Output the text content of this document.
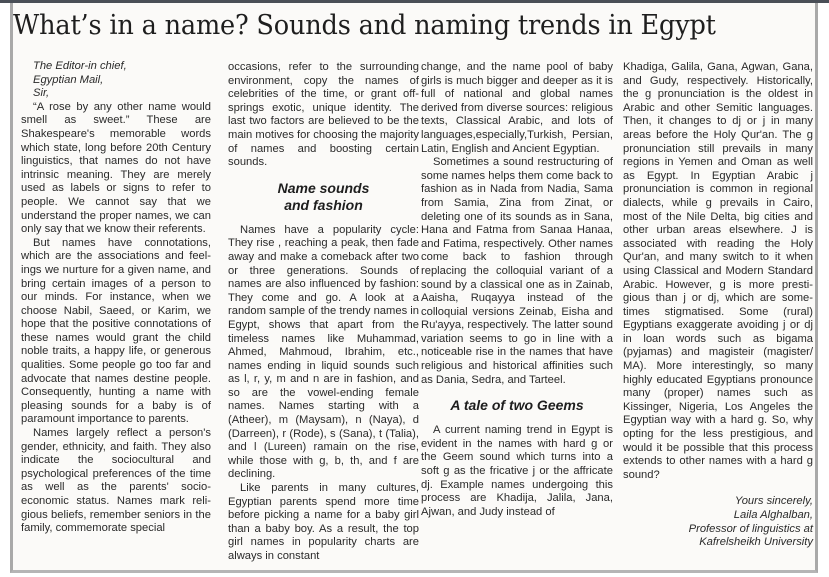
What’s in a name? Sounds and naming trends in Egypt
The Editor-in chief,
Egyptian Mail,
Sir,

“A rose by any other name would smell as sweet.” These are Shakespeare's memorable words which state, long before 20th Century linguistics, that names do not have intrinsic meaning. They are merely used as labels or signs to refer to people. We cannot say that we understand the proper names, we can only say that we know their referents.

But names have connotations, which are the associations and feelings we nurture for a given name, and bring certain images of a person to our minds. For instance, when we choose Nabil, Saeed, or Karim, we hope that the positive connotations of these names would grant the child noble traits, a happy life, or generous qualities. Some people go too far and advocate that names destine people. Consequently, hunting a name with pleasing sounds for a baby is of paramount importance to parents.

Names largely reflect a person's gender, ethnicity, and faith. They also indicate the sociocultural and psychological preferences of the time as well as the parents' socio-economic status. Names mark religious beliefs, remember seniors in the family, commemorate special

occasions, refer to the surrounding environment, copy the names of celebrities of the time, or grant offsprings exotic, unique identity. The last two factors are believed to be the main motives for choosing the majority of names and boosting certain sounds.

Name sounds
and fashion

Names have a popularity cycle: They rise , reaching a peak, then fade away and make a comeback after two or three generations. Sounds of names are also influenced by fashion: They come and go. A look at a random sample of the trendy names in Egypt, shows that apart from the timeless names like Muhammad, Ahmed, Mahmoud, Ibrahim, etc., names ending in liquid sounds such as l, r, y, m and n are in fashion, and so are the vowel-ending female names. Names starting with a (Atheer), m (Maysam), n (Naya), d (Darreen), r (Rode), s (Sana), t (Talia), and l (Lureen) ramain on the rise, while those with g, b, th, and f are declining.

Like parents in many cultures, Egyptian parents spend more time before picking a name for a baby girl than a baby boy. As a result, the top girl names in popularity charts are always in constant

change, and the name pool of baby girls is much bigger and deeper as it is full of national and global names derived from diverse sources: religious texts, Classical Arabic, and lots of languages,especially,Turkish, Persian, Latin, English and Ancient Egyptian.

Sometimes a sound restructuring of some names helps them come back to fashion as in Nada from Nadia, Sama from Samia, Zina from Zinat, or deleting one of its sounds as in Sana, Hana and Fatma from Sanaa Hanaa, and Fatima, respectively. Other names come back to fashion through replacing the colloquial variant of a sound by a classical one as in Zainab, Aaisha, Ruqayya instead of the colloquial versions Zeinab, Eisha and Ru'ayya, respectively. The latter sound variation seems to go in line with a noticeable rise in the names that have religious and historical affinities such as Dania, Sedra, and Tarteel.

A tale of two Geems

A current naming trend in Egypt is evident in the names with hard g or the Geem sound which turns into a soft g as the fricative j or the affricate dj. Example names undergoing this process are Khadija, Jalila, Jana, Ajwan, and Judy instead of

Khadiga, Galila, Gana, Agwan, Gana, and Gudy, respectively. Historically, the g pronunciation is the oldest in Arabic and other Semitic languages. Then, it changes to dj or j in many areas before the Holy Qur'an. The g pronunciation still prevails in many regions in Yemen and Oman as well as Egypt. In Egyptian Arabic j pronunciation is common in regional dialects, while g prevails in Cairo, most of the Nile Delta, big cities and other urban areas elsewhere. J is associated with reading the Holy Qur'an, and many switch to it when using Classical and Modern Standard Arabic. However, g is more prestigious than j or dj, which are sometimes stigmatised. Some (rural) Egyptians exaggerate avoiding j or dj in loan words such as bigama (pyjamas) and magisteir (magister/ MA). More interestingly, so many highly educated Egyptians pronounce many (proper) names such as Kissinger, Nigeria, Los Angeles the Egyptian way with a hard g. So, why opting for the less prestigious, and would it be possible that this process extends to other names with a hard g sound?

Yours sincerely,
Laila Alghalban,
Professor of linguistics at
Kafrelsheikh University
